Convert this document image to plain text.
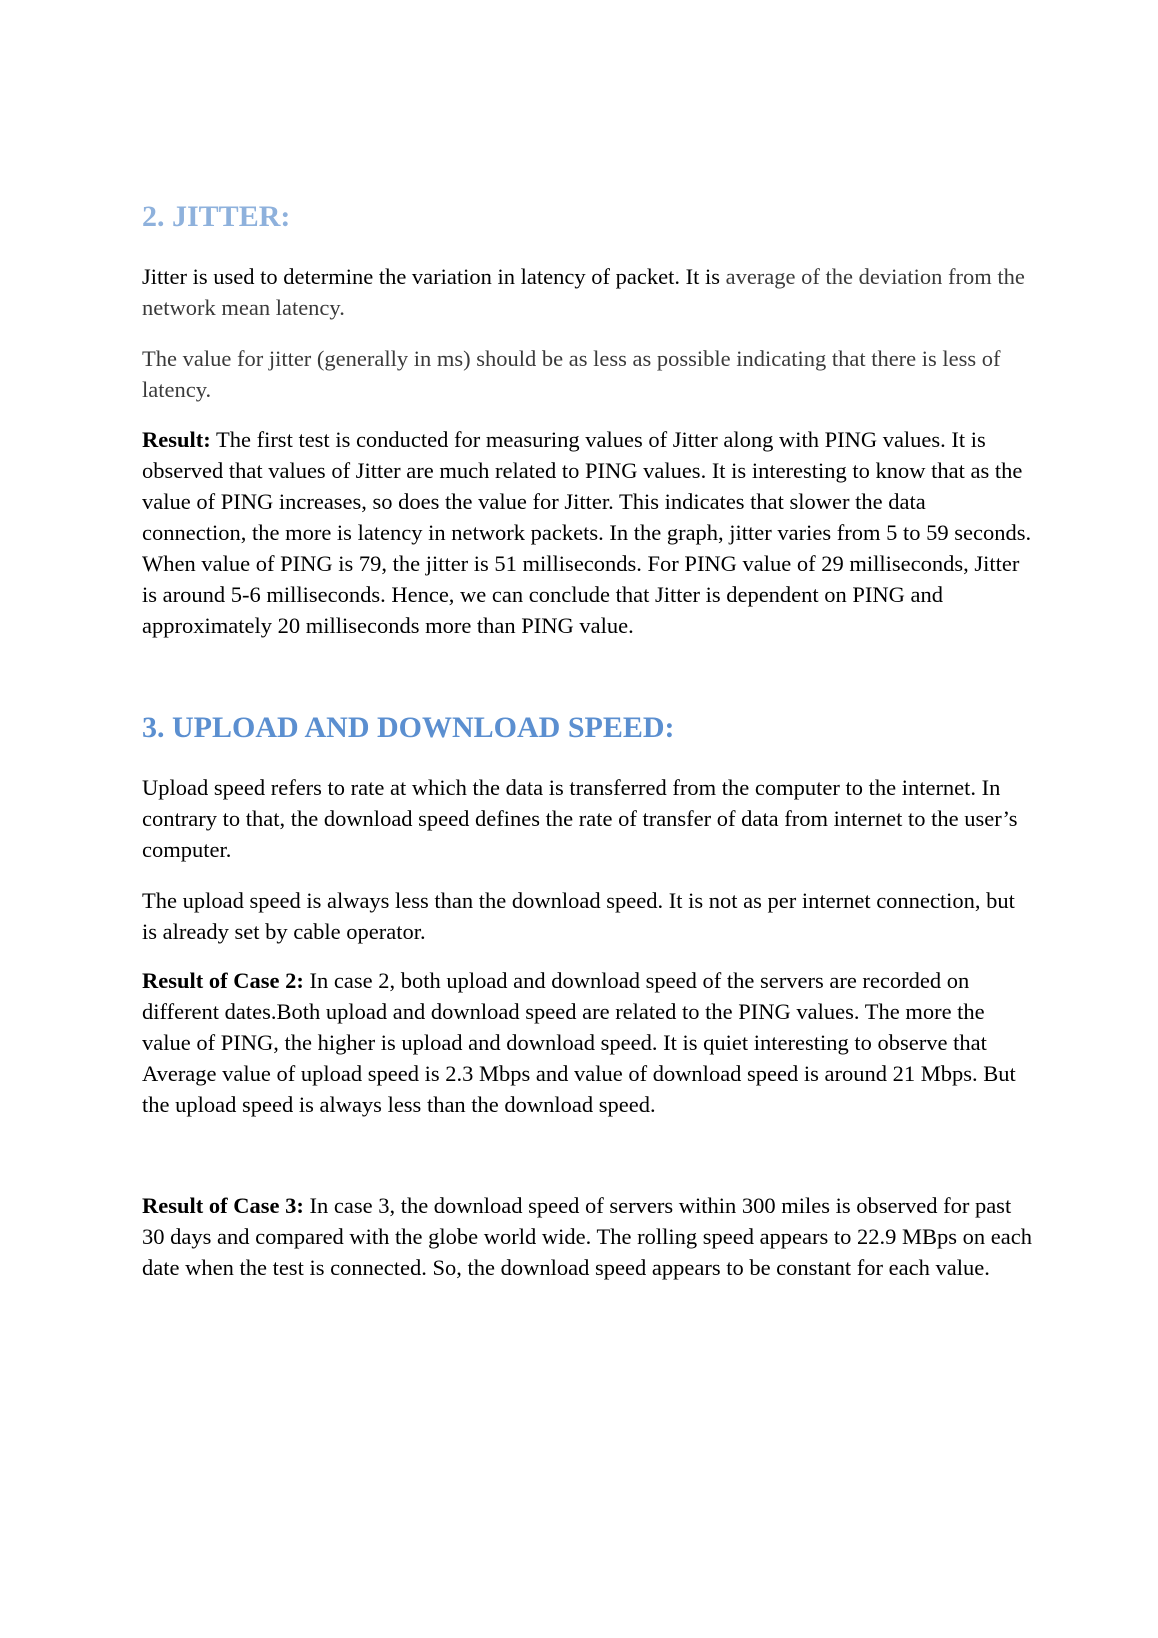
2. JITTER:

Jitter is used to determine the variation in latency of packet. It is average of the deviation from the network mean latency.

The value for jitter (generally in ms) should be as less as possible indicating that there is less of latency.

Result: The first test is conducted for measuring values of Jitter along with PING values. It is observed that values of Jitter are much related to PING values. It is interesting to know that as the value of PING increases, so does the value for Jitter. This indicates that slower the data connection, the more is latency in network packets. In the graph, jitter varies from 5 to 59 seconds. When value of PING is 79, the jitter is 51 milliseconds. For PING value of 29 milliseconds, Jitter is around 5-6 milliseconds. Hence, we can conclude that Jitter is dependent on PING and approximately 20 milliseconds more than PING value.

3. UPLOAD AND DOWNLOAD SPEED:

Upload speed refers to rate at which the data is transferred from the computer to the internet. In contrary to that, the download speed defines the rate of transfer of data from internet to the user’s computer.

The upload speed is always less than the download speed. It is not as per internet connection, but is already set by cable operator.

Result of Case 2: In case 2, both upload and download speed of the servers are recorded on different dates.Both upload and download speed are related to the PING values. The more the value of PING, the higher is upload and download speed. It is quiet interesting to observe that Average value of upload speed is 2.3 Mbps and value of download speed is around 21 Mbps. But the upload speed is always less than the download speed.

Result of Case 3: In case 3, the download speed of servers within 300 miles is observed for past 30 days and compared with the globe world wide. The rolling speed appears to 22.9 MBps on each date when the test is connected. So, the download speed appears to be constant for each value.
